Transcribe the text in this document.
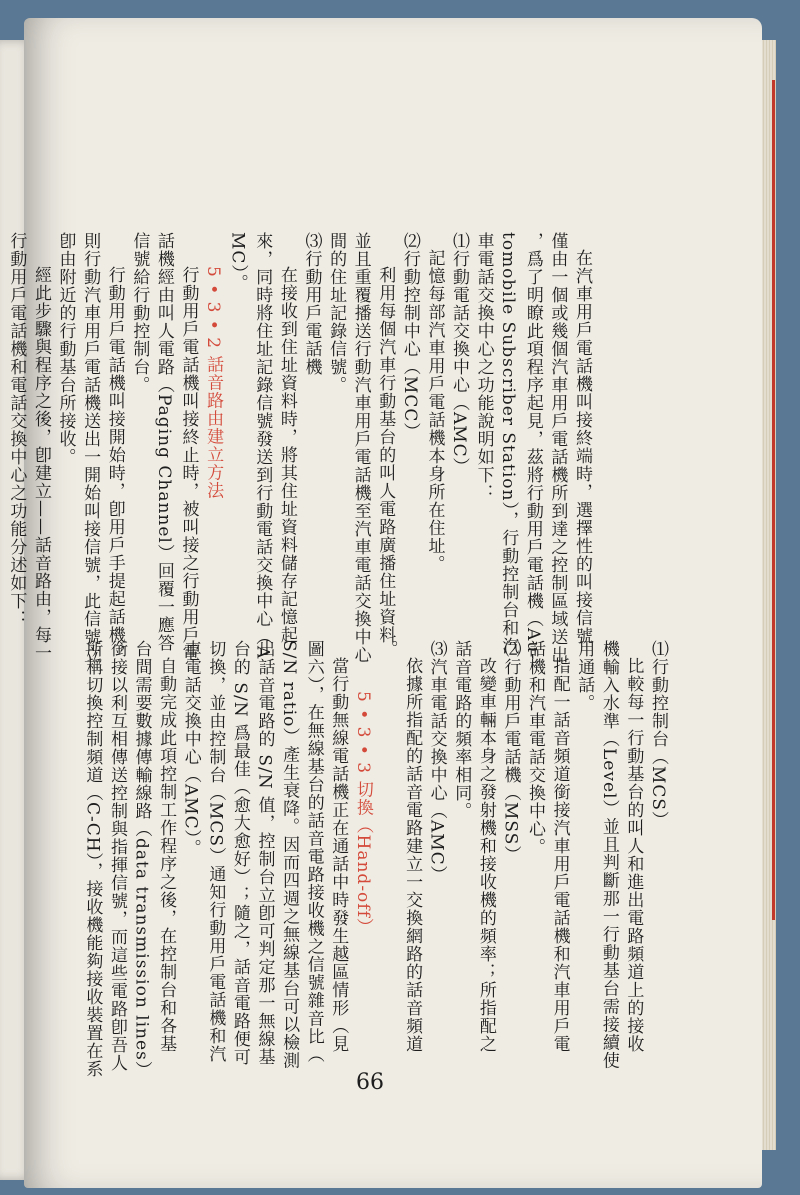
在汽車用戶電話機叫接終端時，選擇性的叫接信號

僅由一個或幾個汽車用戶電話機所到達之控制區域送出

，爲了明瞭此項程序起見，茲將行動用戶電話機（Au-

tomobile Subscriber Station），行動控制台和汽

車電話交換中心之功能說明如下：

⑴行動電話交換中心（AMC）

記憶每部汽車用戶電話機本身所在住址。

⑵行動控制中心（MCC）

利用每個汽車行動基台的叫人電路廣播住址資料

並且重覆播送行動汽車用戶電話機至汽車電話交換中心

間的住址記錄信號。

⑶行動用戶電話機

在接收到住址資料時，將其住址資料儲存記憶起

來，同時將住址記錄信號發送到行動電話交換中心（A

MC）。

5 • 3 • 2 話音路由建立方法

行動用戶電話機叫接終止時，被叫接之行動用戶電

話機經由叫人電路（Paging Channel）回覆一應答

信號給行動控制台。

行動用戶電話機叫接開始時，卽用戶手提起話機，

則行動汽車用戶電話機送出一開始叫接信號，此信號立

卽由附近的行動基台所接收。

經此步驟與程序之後，卽建立——話音路由，每一

行動用戶電話機和電話交換中心之功能分述如下：

⑴行動控制台（MCS）

比較每一行動基台的叫人和進出電路頻道上的接收

機輸入水準（Level）並且判斷那一行動基台需接續使

用通話。

指配一話音頻道銜接汽車用戶電話機和汽車用戶電

話機和汽車電話交換中心。

⑵行動用戶電話機（MSS）

改變車輛本身之發射機和接收機的頻率；所指配之

話音電路的頻率相同。

⑶汽車電話交換中心（AMC）

依據所指配的話音電路建立一交換網路的話音頻道

。

5 • 3 • 3 切換（Hand-off）

當行動無線電話機正在通話中時發生越區情形（見

圖六），在無線基台的話音電路接收機之信號雜音比（

S/N ratio）產生衰降。因而四週之無線基台可以檢測

出話音電路的 S/N 值，控制台立卽可判定那一無線基

台的 S/N 爲最佳（愈大愈好）；隨之，話音電路便可

切換，並由控制台（MCS）通知行動用戶電話機和汽

車電話交換中心（AMC）。

自動完成此項控制工作程序之後，在控制台和各基

台間需要數據傳輸線路（data transmission lines）

銜接以利互相傳送控制與指揮信號，而這些電路卽吾人

所稱切換控制頻道（C-CH），接收機能夠接收裝置在系

66
